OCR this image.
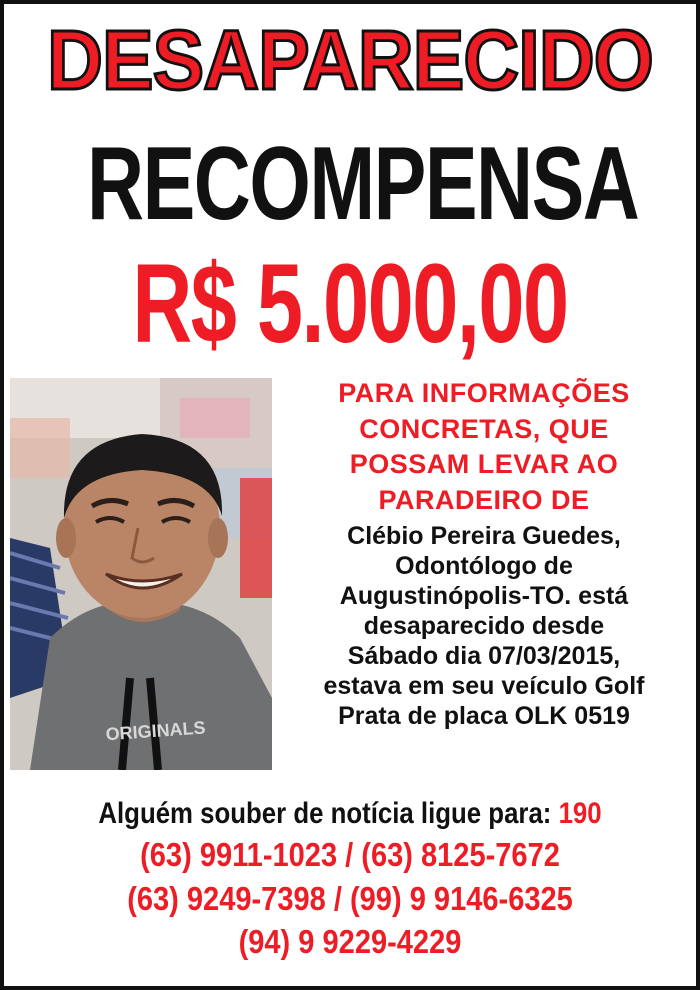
DESAPARECIDO
RECOMPENSA
R$ 5.000,00
ORIGINALS

PARA INFORMAÇÕES
CONCRETAS, QUE
POSSAM LEVAR AO
PARADEIRO DE

Clébio Pereira Guedes,
Odontólogo de
Augustinópolis-TO. está
desaparecido desde
Sábado dia 07/03/2015,
estava em seu veículo Golf
Prata de placa OLK 0519

Alguém souber de notícia ligue para: 190
(63) 9911-1023 / (63) 8125-7672
(63) 9249-7398 / (99) 9 9146-6325
(94) 9 9229-4229
